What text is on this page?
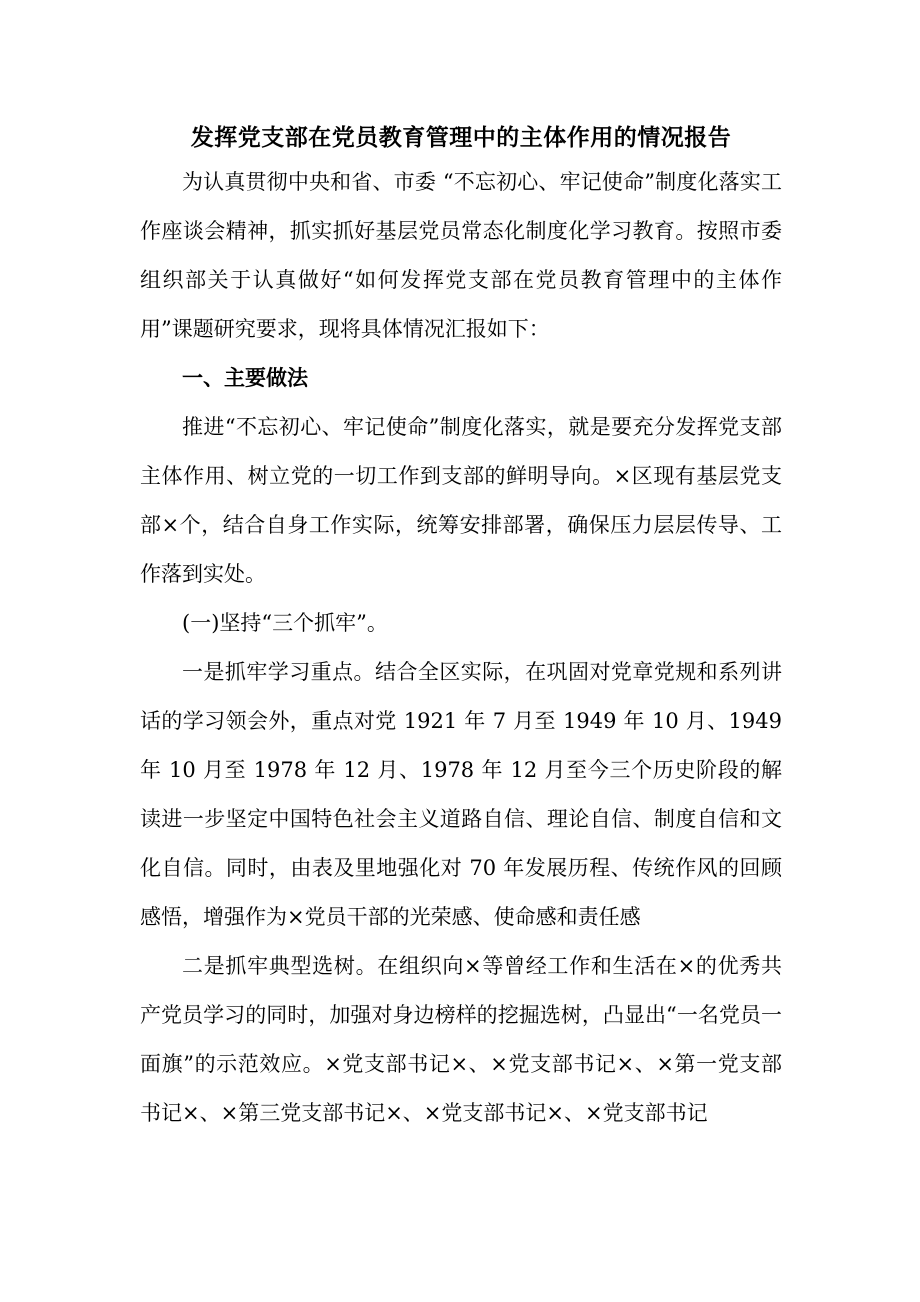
发挥党支部在党员教育管理中的主体作用的情况报告

为认真贯彻中央和省、市委 “不忘初心、牢记使命”制度化落实工作座谈会精神，抓实抓好基层党员常态化制度化学习教育。按照市委组织部关于认真做好“如何发挥党支部在党员教育管理中的主体作用”课题研究要求，现将具体情况汇报如下：

一、主要做法

推进“不忘初心、牢记使命”制度化落实，就是要充分发挥党支部主体作用、树立党的一切工作到支部的鲜明导向。×区现有基层党支部×个，结合自身工作实际，统筹安排部署，确保压力层层传导、工作落到实处。

(一)坚持“三个抓牢”。

一是抓牢学习重点。结合全区实际，在巩固对党章党规和系列讲话的学习领会外，重点对党 1921 年 7 月至 1949 年 10 月、1949 年 10 月至 1978 年 12 月、1978 年 12 月至今三个历史阶段的解读进一步坚定中国特色社会主义道路自信、理论自信、制度自信和文化自信。同时，由表及里地强化对 70 年发展历程、传统作风的回顾感悟，增强作为×党员干部的光荣感、使命感和责任感

二是抓牢典型选树。在组织向×等曾经工作和生活在×的优秀共产党员学习的同时，加强对身边榜样的挖掘选树，凸显出“一名党员一面旗”的示范效应。×党支部书记×、×党支部书记×、×第一党支部书记×、×第三党支部书记×、×党支部书记×、×党支部书记
